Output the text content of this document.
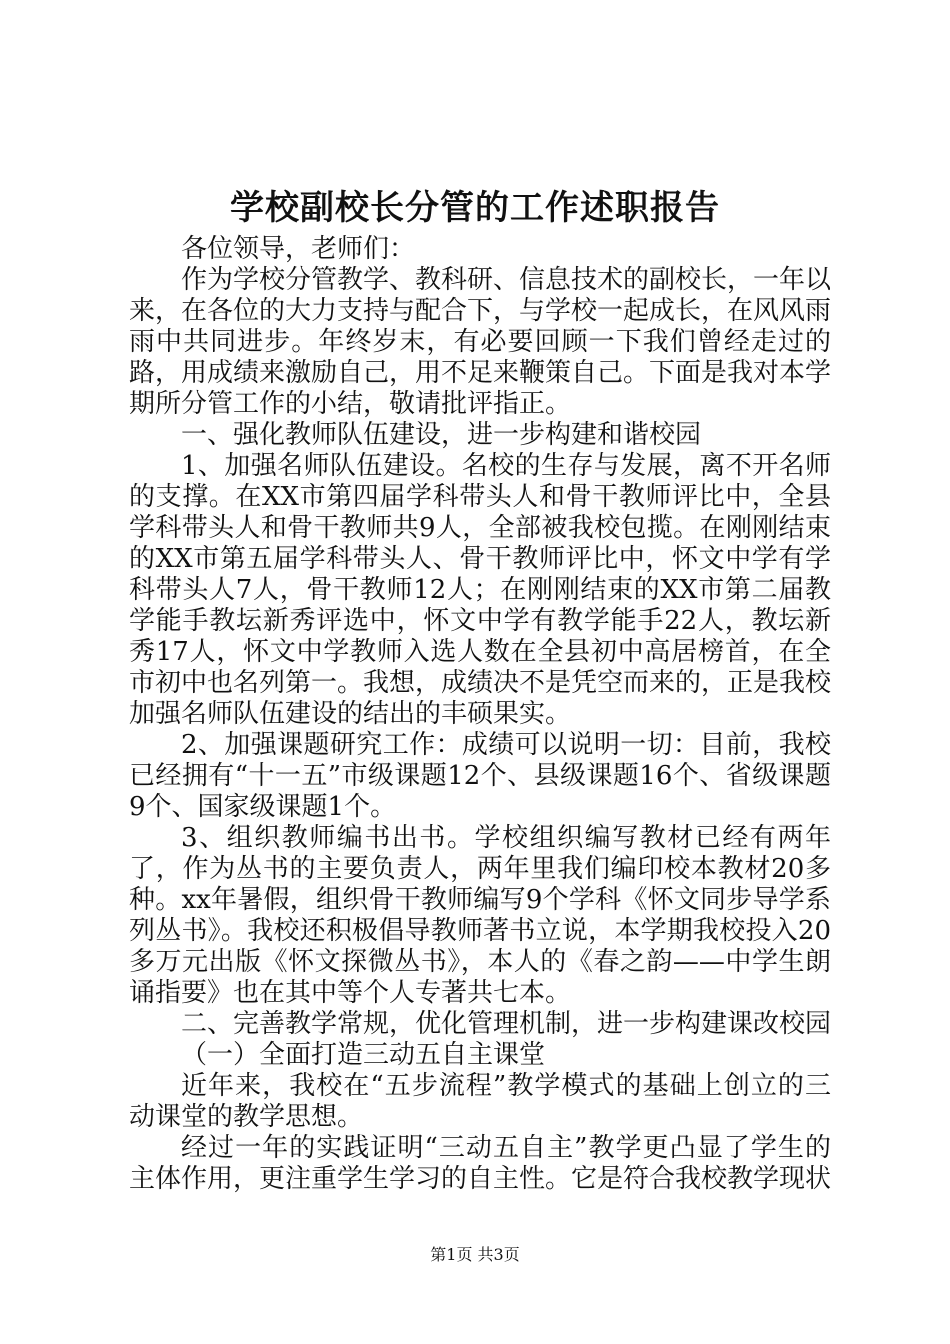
学校副校长分管的工作述职报告

各位领导，老师们：

作为学校分管教学、教科研、信息技术的副校长，一年以来，在各位的大力支持与配合下，与学校一起成长，在风风雨雨中共同进步。年终岁末，有必要回顾一下我们曾经走过的路，用成绩来激励自己，用不足来鞭策自己。下面是我对本学期所分管工作的小结，敬请批评指正。

一、强化教师队伍建设，进一步构建和谐校园

1、加强名师队伍建设。名校的生存与发展，离不开名师的支撑。在XX市第四届学科带头人和骨干教师评比中，全县学科带头人和骨干教师共9人，全部被我校包揽。在刚刚结束的XX市第五届学科带头人、骨干教师评比中，怀文中学有学科带头人7人，骨干教师12人；在刚刚结束的XX市第二届教学能手教坛新秀评选中，怀文中学有教学能手22人，教坛新秀17人，怀文中学教师入选人数在全县初中高居榜首，在全市初中也名列第一。我想，成绩决不是凭空而来的，正是我校加强名师队伍建设的结出的丰硕果实。

2、加强课题研究工作：成绩可以说明一切：目前，我校已经拥有“十一五”市级课题12个、县级课题16个、省级课题9个、国家级课题1个。

3、组织教师编书出书。学校组织编写教材已经有两年了，作为丛书的主要负责人，两年里我们编印校本教材20多种。xx年暑假，组织骨干教师编写9个学科《怀文同步导学系列丛书》。我校还积极倡导教师著书立说，本学期我校投入20多万元出版《怀文探微丛书》，本人的《春之韵——中学生朗诵指要》也在其中等个人专著共七本。

二、完善教学常规，优化管理机制，进一步构建课改校园

（一）全面打造三动五自主课堂

近年来，我校在“五步流程”教学模式的基础上创立的三动课堂的教学思想。

经过一年的实践证明“三动五自主”教学更凸显了学生的主体作用，更注重学生学习的自主性。它是符合我校教学现状

第1页 共3页
